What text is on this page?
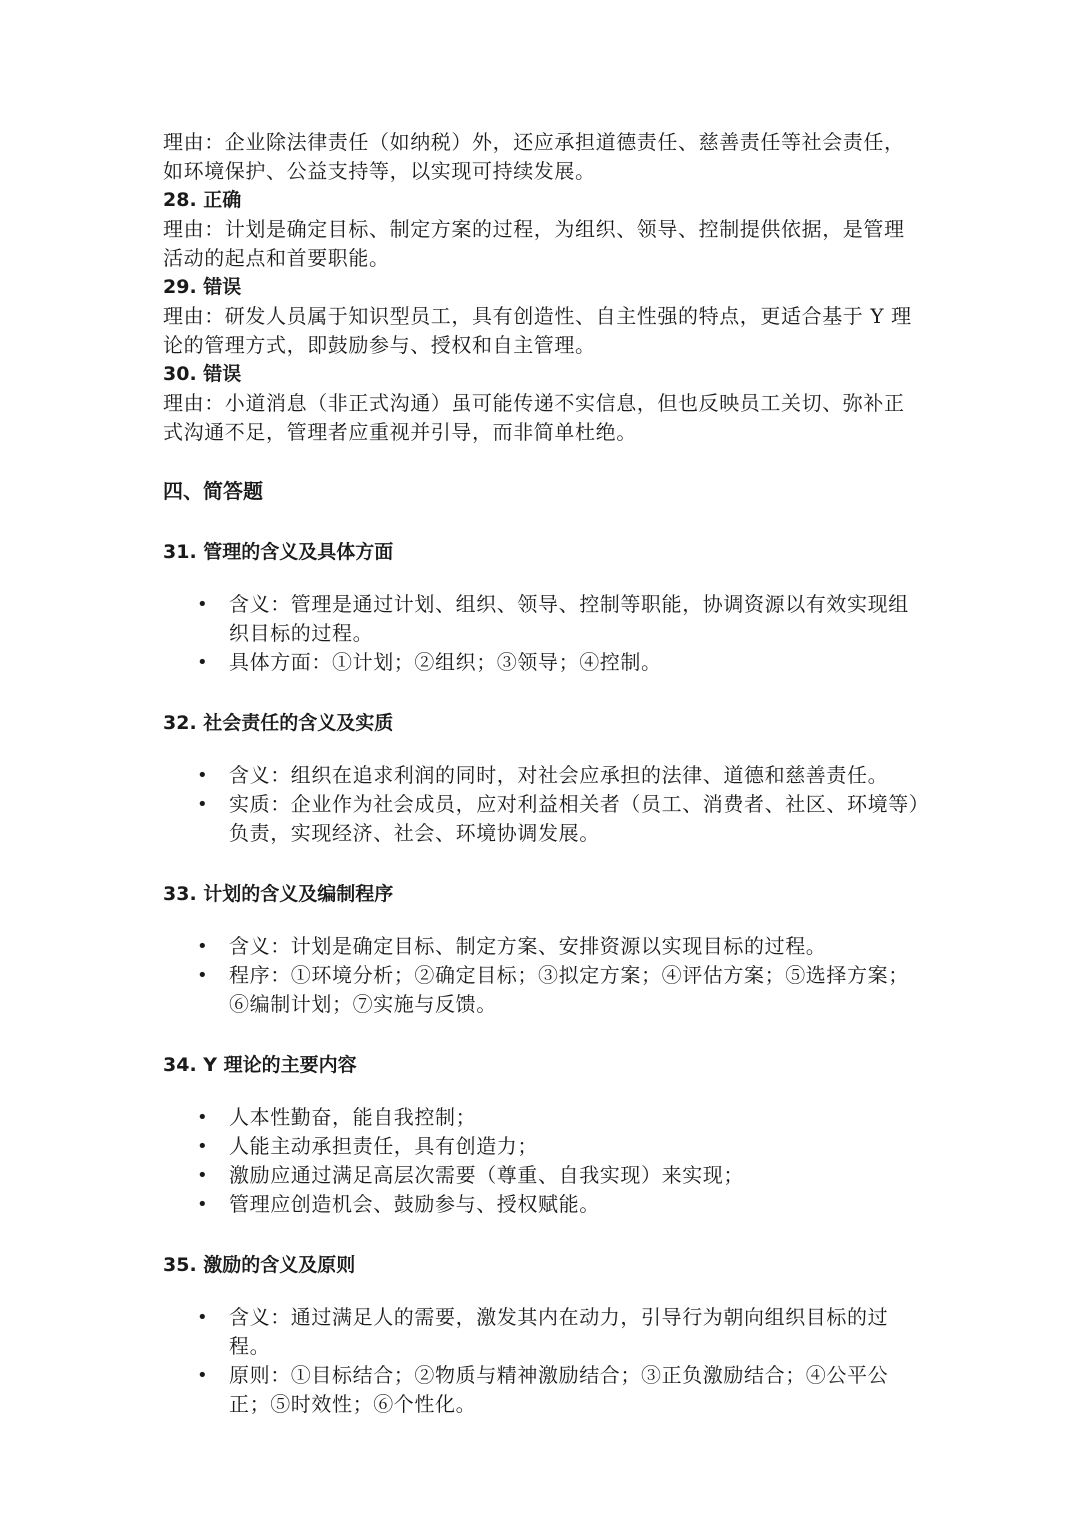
理由：企业除法律责任（如纳税）外，还应承担道德责任、慈善责任等社会责任，如环境保护、公益支持等，以实现可持续发展。

28. 正确

理由：计划是确定目标、制定方案的过程，为组织、领导、控制提供依据，是管理活动的起点和首要职能。

29. 错误

理由：研发人员属于知识型员工，具有创造性、自主性强的特点，更适合基于 Y 理论的管理方式，即鼓励参与、授权和自主管理。

30. 错误

理由：小道消息（非正式沟通）虽可能传递不实信息，但也反映员工关切、弥补正式沟通不足，管理者应重视并引导，而非简单杜绝。

四、简答题
31. 管理的含义及具体方面
• 含义：管理是通过计划、组织、领导、控制等职能，协调资源以有效实现组织目标的过程。
• 具体方面：①计划；②组织；③领导；④控制。
32. 社会责任的含义及实质
• 含义：组织在追求利润的同时，对社会应承担的法律、道德和慈善责任。
• 实质：企业作为社会成员，应对利益相关者（员工、消费者、社区、环境等）负责，实现经济、社会、环境协调发展。
33. 计划的含义及编制程序
• 含义：计划是确定目标、制定方案、安排资源以实现目标的过程。
• 程序：①环境分析；②确定目标；③拟定方案；④评估方案；⑤选择方案；⑥编制计划；⑦实施与反馈。
34. Y 理论的主要内容
• 人本性勤奋，能自我控制；
• 人能主动承担责任，具有创造力；
• 激励应通过满足高层次需要（尊重、自我实现）来实现；
• 管理应创造机会、鼓励参与、授权赋能。
35. 激励的含义及原则
• 含义：通过满足人的需要，激发其内在动力，引导行为朝向组织目标的过程。
• 原则：①目标结合；②物质与精神激励结合；③正负激励结合；④公平公正；⑤时效性；⑥个性化。
